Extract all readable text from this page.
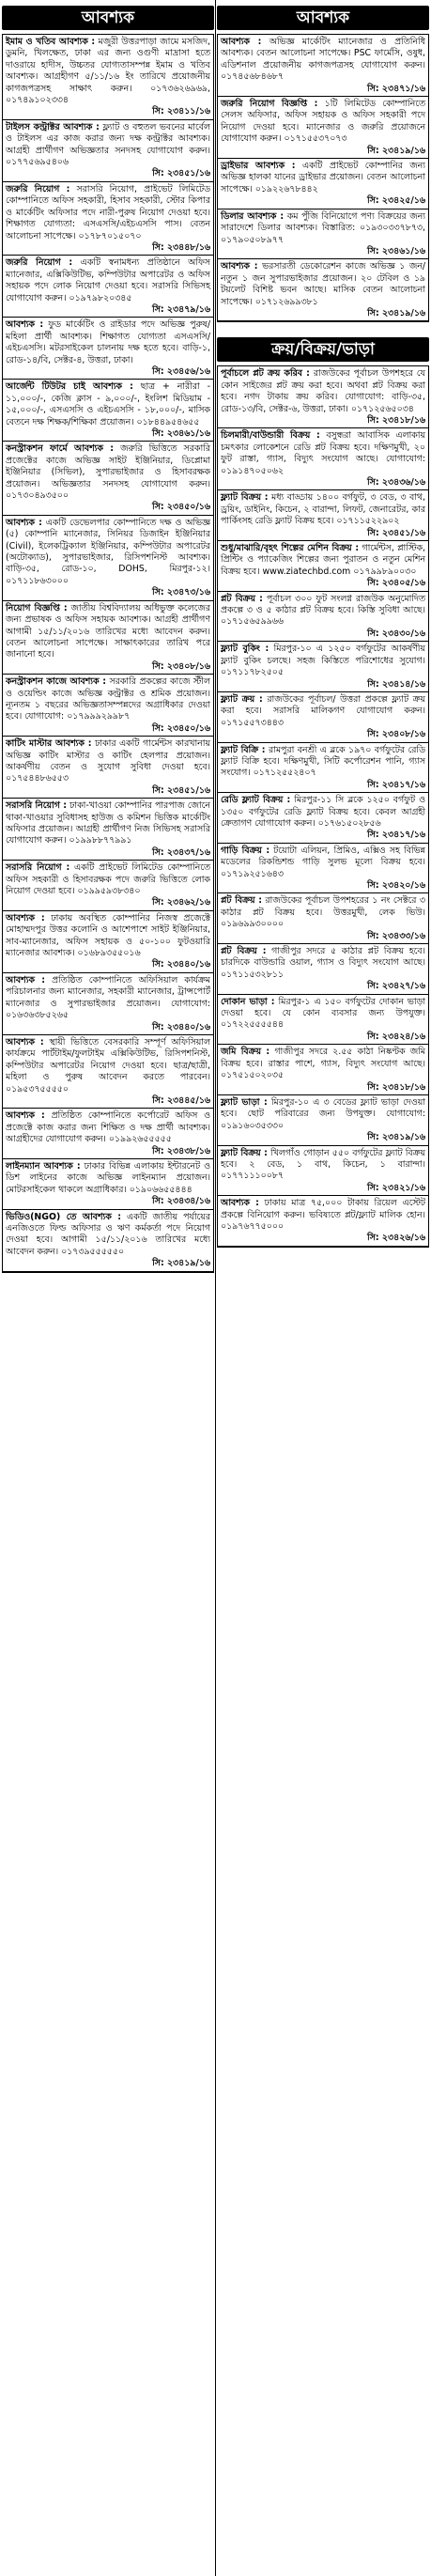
আবশ্যক
ইমাম ও খতিব আবশ্যক : মজুরী উত্তরপাড়া জামে মসজিদ, ডুমনি, খিলক্ষেত, ঢাকা এর জন্য ওগুণী মাদ্রাসা হতে দাওরায়ে হাদীস, উচ্চতর যোগ্যতাসম্পন্ন ইমাম ও খতিব আবশ্যক। আগ্রহীগণ ৫/১১/১৬ ইং তারিখে প্রয়োজনীয় কাগজপত্রসহ সাক্ষাৎ করুন। ০১৭৩৬২৬৯৬৯, ০১৭৪৯১০২৩৩৪
সি: ২৩৪১১/১৬
টাইলস কন্ট্রাক্টর আবশ্যক : ফ্ল্যাট ও বহুতল ভবনের মার্বেল ও টাইলস এর কাজ করার জন্য দক্ষ কন্ট্রাক্টর আবশ্যক। আগ্রহী প্রার্থীগণ অভিজ্ঞতার সনদসহ যোগাযোগ করুন। ০১৭৭৫৬৯৫৪০৬
সি: ২৩৪৫১/১৬
জরুরি নিয়োগ : সরাসরি নিয়োগ, প্রাইভেট লিমিটেড কোম্পানিতে অফিস সহকারী, হিসাব সহকারী, স্টোর কিপার ও মার্কেটিং অফিসার পদে নারী-পুরুষ নিয়োগ দেওয়া হবে। শিক্ষাগত যোগ্যতা: এসএসসি/এইচএসসি পাস। বেতন আলোচনা সাপেক্ষে। ০১৭৮৭০১৫০৭০
সি: ২৩৪৪৮/১৬
জরুরি নিয়োগ : একটি স্বনামধন্য প্রতিষ্ঠানে অফিস ম্যানেজার, এক্সিকিউটিভ, কম্পিউটার অপারেটর ও অফিস সহায়ক পদে লোক নিয়োগ দেওয়া হবে। সরাসরি সিভিসহ যোগাযোগ করুন। ০১৯৭৯৮২০৩৪৫
সি: ২৩৪৭৯/১৬
আবশ্যক : ফুড মার্কেটিং ও রাইডার পদে অভিজ্ঞ পুরুষ/মহিলা প্রার্থী আবশ্যক। শিক্ষাগত যোগ্যতা এসএসসি/এইচএসসি। মটরসাইকেল চালনায় দক্ষ হতে হবে। বাড়ি-১, রোড-১৪/বি, সেক্টর-৪, উত্তরা, ঢাকা।
সি: ২৩৪৫৬/১৬
আর্জেন্ট টিউটর চাই আবশ্যক : ছাত্র + নারীরা - ১১,০০০/-, কেজি ক্লাস - ৯,০০০/-, ইংলিশ মিডিয়াম - ১৫,০০০/-, এসএসসি ও এইচএসসি - ১৮,০০০/-, মাসিক বেতনে দক্ষ শিক্ষক/শিক্ষিকা প্রয়োজন। ০১৮৪৪৯৫৪৬৫৫
সি: ২৩৪৬১/১৬
কনস্ট্রাকশন ফার্মে আবশ্যক : জরুরি ভিত্তিতে সরকারি প্রজেক্টের কাজে অভিজ্ঞ সাইট ইঞ্জিনিয়ার, ডিপ্লোমা ইঞ্জিনিয়ার (সিভিল), সুপারভাইজার ও হিসাবরক্ষক প্রয়োজন। অভিজ্ঞতার সনদসহ যোগাযোগ করুন। ০১৭৩০৪৯৩৫০০
সি: ২৩৪৫০/১৬
আবশ্যক : একটি ডেভেলপার কোম্পানিতে দক্ষ ও অভিজ্ঞ (৫) কোম্পানি ম্যানেজার, সিনিয়র ডিজাইন ইঞ্জিনিয়ার (Civil), ইলেকট্রিক্যাল ইঞ্জিনিয়ার, কম্পিউটার অপারেটর (অটোক্যাড), সুপারভাইজার, রিসিপশনিস্ট আবশ্যক। বাড়ি-৩৫, রোড-১০, DOHS, মিরপুর-১২। ০১৭১১৮৬৩০০০
সি: ২৩৪৭৩/১৬
নিয়োগ বিজ্ঞপ্তি : জাতীয় বিশ্ববিদ্যালয় অধিভুক্ত কলেজের জন্য প্রভাষক ও অফিস সহায়ক আবশ্যক। আগ্রহী প্রার্থীগণ আগামী ১৫/১১/২০১৬ তারিখের মধ্যে আবেদন করুন। বেতন আলোচনা সাপেক্ষে। সাক্ষাৎকারের তারিখ পরে জানানো হবে।
সি: ২৩৪০৮/১৬
কনস্ট্রাকশন কাজে আবশ্যক : সরকারি প্রকল্পের কাজে স্টীল ও ওয়েল্ডিং কাজে অভিজ্ঞ কন্ট্রাক্টর ও শ্রমিক প্রয়োজন। ন্যূনতম ১ বছরের অভিজ্ঞতাসম্পন্নদের অগ্রাধিকার দেওয়া হবে। যোগাযোগ: ০১৭৯৯৯২৯৯৮৭
সি: ২৩৪৫০/১৬
কাটিং মাস্টার আবশ্যক : ঢাকার একটি গার্মেন্টস কারখানায় অভিজ্ঞ কাটিং মাস্টার ও কাটিং হেলপার প্রয়োজন। আকর্ষণীয় বেতন ও সুযোগ সুবিধা দেওয়া হবে। ০১৭৫৪৪৮৬৫৫৩
সি: ২৩৪৫১/১৬
সরাসরি নিয়োগ : ঢাকা-খাওয়া কোম্পানির পারপাজ জোনে থাকা-খাওয়ার সুবিধাসহ হাউজ ও কমিশন ভিত্তিক মার্কেটিং অফিসার প্রয়োজন। আগ্রহী প্রার্থীগণ নিজ সিভিসহ সরাসরি যোগাযোগ করুন। ০১৯৯৮৮৭৭৯৯১
সি: ২৩৪৩৭/১৬
সরাসরি নিয়োগ : একটি প্রাইভেট লিমিটেড কোম্পানিতে অফিস সহকারী ও হিসাবরক্ষক পদে জরুরি ভিত্তিতে লোক নিয়োগ দেওয়া হবে। ০১৯৯৫৯৩৮৩৪০
সি: ২৩৪৬২/১৬
আবশ্যক : ঢাকায় অবস্থিত কোম্পানির নিজস্ব প্রজেক্টে মোহাম্মদপুর উত্তর কলোনি ও আশেপাশে সাইট ইঞ্জিনিয়ার, সাব-ম্যানেজার, অফিস সহায়ক ও ৫০-১০০ ফুটওয়ারি ম্যানেজার আবশ্যক। ০১৬৮৯৩৫৫০১৬
সি: ২৩৪৪০/১৬
আবশ্যক : প্রতিষ্ঠিত কোম্পানিতে অফিসিয়াল কার্যক্রম পরিচালনার জন্য ম্যানেজার, সহকারী ম্যানেজার, ট্রান্সপোর্ট ম্যানেজার ও সুপারভাইজার প্রয়োজন। যোগাযোগ: ০১৬৩৬৩৮৫২৬৫
সি: ২৩৪৪০/১৬
আবশ্যক : স্থায়ী ভিত্তিতে বেসরকারি সম্পূর্ণ অফিসিয়াল কার্যক্রমে পার্টটাইম/ফুলটাইম এক্সিকিউটিভ, রিসিপশনিস্ট, কম্পিউটার অপারেটর নিয়োগ দেওয়া হবে। ছাত্র/ছাত্রী, মহিলা ও পুরুষ আবেদন করতে পারবেন। ০১৯৫৩৭৫৫৫৫০
সি: ২৩৪৪৫/১৬
আবশ্যক : প্রতিষ্ঠিত কোম্পানিতে কর্পোরেট অফিস ও প্রজেক্টে কাজ করার জন্য শিক্ষিত ও দক্ষ প্রার্থী আবশ্যক। আগ্রহীদের যোগাযোগ করুন। ০১৯৯২৬৫৫৫৫৫
সি: ২৩৪৩৮/১৬
লাইনম্যান আবশ্যক : ঢাকার বিভিন্ন এলাকায় ইন্টারনেট ও ডিশ লাইনের কাজে অভিজ্ঞ লাইনম্যান প্রয়োজন। মোটরসাইকেল থাকলে অগ্রাধিকার। ০১৯০৬৬৫৫৪৪৪
সি: ২৩৪৩৪/১৬
ভিডিও(NGO) তে আবশ্যক : একটি জাতীয় পর্যায়ের এনজিওতে ফিল্ড অফিসার ও ঋণ কর্মকর্তা পদে নিয়োগ দেওয়া হবে। আগামী ১৫/১১/২০১৬ তারিখের মধ্যে আবেদন করুন। ০১৭৩৯৫৫৫৫৫০
সি: ২৩৪১৯/১৬
আবশ্যক
আবশ্যক : অভিজ্ঞ মার্কেটিং ম্যানেজার ও প্রতিনিধি আবশ্যক। বেতন আলোচনা সাপেক্ষে। PSC ফার্মেসি, ওষুধ, এডিশনাল প্রয়োজনীয় কাগজপত্রসহ যোগাযোগ করুন। ০১৭৪৫৬৮৪৬৮৭
সি: ২৩৪৭১/১৬
জরুরি নিয়োগ বিজ্ঞপ্তি : ১টি লিমিটেড কোম্পানিতে সেলস অফিসার, অফিস সহায়ক ও অফিস সহকারী পদে নিয়োগ দেওয়া হবে। ম্যানেজার ও জরুরি প্রয়োজনে যোগাযোগ করুন। ০১৭১৫৫৩৭০৭৩
সি: ২৩৪১৯/১৬
ড্রাইভার আবশ্যক : একটি প্রাইভেট কোম্পানির জন্য অভিজ্ঞ হালকা যানের ড্রাইভার প্রয়োজন। বেতন আলোচনা সাপেক্ষে। ০১৯২২৬৭৮৪৪২
সি: ২৩৪২৫/১৬
ডিলার আবশ্যক : কম পুঁজি বিনিয়োগে পণ্য বিক্রয়ের জন্য সারাদেশে ডিলার আবশ্যক। বিস্তারিত: ০১৯৩০৩৩৭৮৭৩, ০১৭৯০৫০৮৯৭৭
সি: ২৩৪৬১/১৬
আবশ্যক : ভরসারতী ডেকোরেশন কাজে অভিজ্ঞ ১ জন/ নতুন ১ জন সুপারভাইজার প্রয়োজন। ২০ টেবিল ও ১৯ টয়লেট বিশিষ্ট ভবন আছে। মাসিক বেতন আলোচনা সাপেক্ষে। ০১৭১২৬৯৯৩৮১
সি: ২৩৪১৯/১৬
ক্রয়/বিক্রয়/ভাড়া
পূর্বাচলে প্লট ক্রয় করিব : রাজউকের পূর্বাচল উপশহরে যে কোন সাইজের প্লট ক্রয় করা হবে। অথবা প্লট বিক্রয় করা হবে। নগদ টাকায় ক্রয় করিব। যোগাযোগ: বাড়ি-৩৫, রোড-১৩/বি, সেক্টর-৬, উত্তরা, ঢাকা। ০১৭১২৫৬৫০৩৪
সি: ২৩৪১৮/১৬
চিলমারী/বাউন্ডারী বিক্রয় : বসুন্ধরা আবাসিক এলাকায় চমৎকার লোকেশনে রেডি প্লট বিক্রয় হবে। দক্ষিণমুখী, ২০ ফুট রাস্তা, গ্যাস, বিদ্যুৎ সংযোগ আছে। যোগাযোগ: ০১৯১৪৭০৫০৬২
সি: ২৩৪৩৬/১৬
ফ্ল্যাট বিক্রয় : মধ্য বাড্ডায় ১৪০০ বর্গফুট, ৩ বেড, ৩ বাথ, ড্রয়িং, ডাইনিং, কিচেন, ২ বারান্দা, লিফট, জেনারেটর, কার পার্কিংসহ রেডি ফ্ল্যাট বিক্রয় হবে। ০১৭১১৫২২৯০২
সি: ২৩৪৫১/১৬
শুধু/মাঝারি/বৃহৎ শিল্পের মেশিন বিক্রয় : গার্মেন্টস, প্লাস্টিক, প্রিন্টিং ও প্যাকেজিং শিল্পের জন্য পুরাতন ও নতুন মেশিন বিক্রয় হবে। www.ziatechbd.com ০১৭৯৯৮৯০০৩০
সি: ২৩৪০৫/১৬
প্লট বিক্রয় : পূর্বাচল ৩০০ ফুট সংলগ্ন রাজউক অনুমোদিত প্রকল্পে ৩ ও ৫ কাঠার প্লট বিক্রয় হবে। কিস্তি সুবিধা আছে। ০১৭১৫৬৫৯৯৬৬
সি: ২৩৪৩০/১৬
ফ্ল্যাট বুকিং : মিরপুর-১০ এ ১২৫০ বর্গফুটের আকর্ষণীয় ফ্ল্যাট বুকিং চলছে। সহজ কিস্তিতে পরিশোধের সুযোগ। ০১৭১১৭৮২৫০৫
সি: ২৩৪১৪/১৬
ফ্ল্যাট ক্রয় : রাজউকের পূর্বাচল/ উত্তরা প্রকল্পে ফ্ল্যাট ক্রয় করা হবে। সরাসরি মালিকগণ যোগাযোগ করুন। ০১৭১৫৫৭৩৪৪৩
সি: ২৩৪০৮/১৬
ফ্ল্যাট বিক্রি : রামপুরা বনশ্রী এ ব্লকে ১৯৭০ বর্গফুটের রেডি ফ্ল্যাট বিক্রি হবে। দক্ষিণমুখী, সিটি কর্পোরেশন পানি, গ্যাস সংযোগ। ০১৭১২৫৫২৪০৭
সি: ২৩৪১৭/১৬
রেডি ফ্ল্যাট বিক্রয় : মিরপুর-১১ সি ব্লকে ১২৫০ বর্গফুট ও ১৩৫০ বর্গফুটের রেডি ফ্ল্যাট বিক্রয় হবে। কেবল আগ্রহী ক্রেতাগণ যোগাযোগ করুন। ০১৭৬১৫০২৮৫৬
সি: ২৩৪১৭/১৬
গাড়ি বিক্রয় : টয়োটা এলিয়ন, প্রিমিও, এক্সিও সহ বিভিন্ন মডেলের রিকন্ডিশন্ড গাড়ি সুলভ মূল্যে বিক্রয় হবে। ০১৭১৯২৫১৬৪৩
সি: ২৩৪২০/১৬
প্লট বিক্রয় : রাজউকের পূর্বাচল উপশহরের ১ নং সেক্টরে ৩ কাঠার প্লট বিক্রয় হবে। উত্তরমুখী, লেক ভিউ। ০১৯৬৯৯৩০০০০
সি: ২৩৪৩৩/১৬
প্লট বিক্রয় : গাজীপুর সদরে ৫ কাঠার প্লট বিক্রয় হবে। চারদিকে বাউন্ডারি ওয়াল, গ্যাস ও বিদ্যুৎ সংযোগ আছে। ০১৭১১৫৩২৮১১
সি: ২৩৪২৭/১৬
দোকান ভাড়া : মিরপুর-১ এ ১৫০ বর্গফুটের দোকান ভাড়া দেওয়া হবে। যে কোন ব্যবসার জন্য উপযুক্ত। ০১৭২২৫৫৫৫৪৪
সি: ২৩৪২৪/১৬
জমি বিক্রয় : গাজীপুর সদরে ২.৫৫ কাঠা নিষ্কণ্টক জমি বিক্রয় হবে। রাস্তার পাশে, গ্যাস, বিদ্যুৎ সংযোগ আছে। ০১৭৫১৫০২০৩৫
সি: ২৩৪১৮/১৬
ফ্ল্যাট ভাড়া : মিরপুর-১০ এ ৩ বেডের ফ্ল্যাট ভাড়া দেওয়া হবে। ছোট পরিবারের জন্য উপযুক্ত। যোগাযোগ: ০১৯১৬০৩৫৩৩০
সি: ২৩৪১৯/১৬
ফ্ল্যাট বিক্রয় : খিলগাঁও গোড়ান ৫৫০ বর্গফুটের ফ্ল্যাট বিক্রয় হবে। ২ বেড, ১ বাথ, কিচেন, ১ বারান্দা। ০১৭৭১১১০০৮৭
সি: ২৩৪২১/১৬
আবশ্যক : ঢাকায় মাত্র ৭৫,০০০ টাকায় রিয়েল এস্টেট প্রকল্পে বিনিয়োগ করুন। ভবিষ্যতে প্লট/ফ্ল্যাট মালিক হোন। ০১৯৭৬৭৭৫০০০
সি: ২৩৪২৬/১৬
